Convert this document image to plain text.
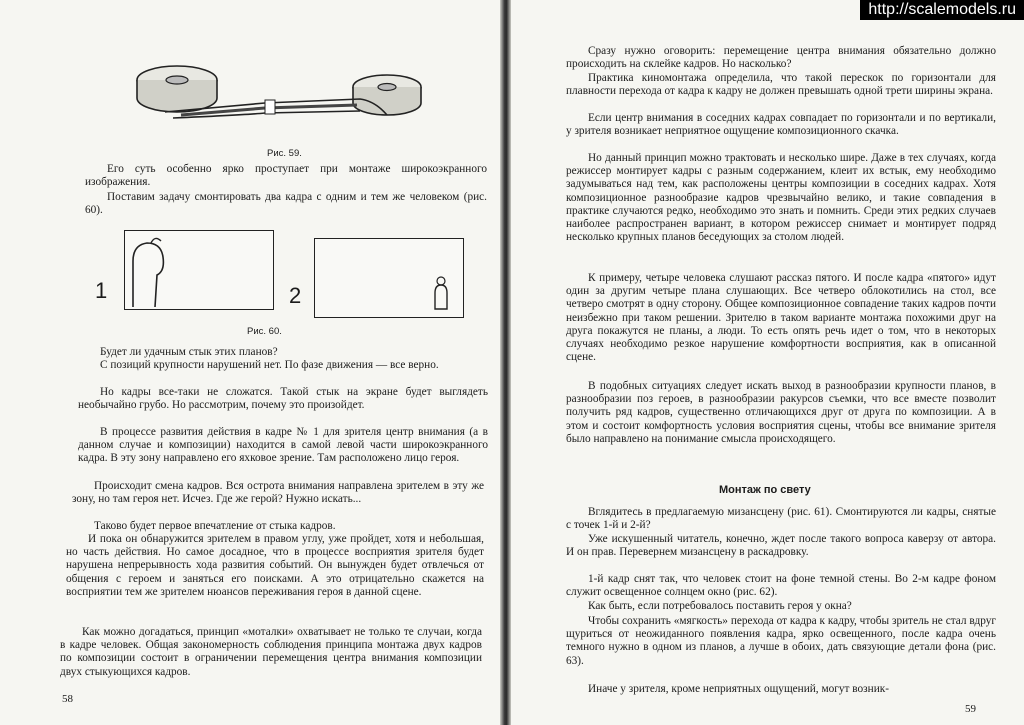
Рис. 59.

Его суть особенно ярко проступает при монтаже широкоэкранного изображения.

Поставим задачу смонтировать два кадра с одним и тем же человеком (рис. 60).

1	2
Рис. 60.

Будет ли удачным стык этих планов?

С позиций крупности нарушений нет. По фазе движения — все верно.

Но кадры все-таки не сложатся. Такой стык на экране будет выглядеть необычайно грубо. Но рассмотрим, почему это произойдет.

В процессе развития действия в кадре № 1 для зрителя центр внимания (а в данном случае и композиции) находится в самой левой части широкоэкранного кадра. В эту зону направлено его яхковое зрение. Там расположено лицо героя.

Происходит смена кадров. Вся острота внимания направлена зрителем в эту же зону, но там героя нет. Исчез. Где же герой? Нужно искать...

Таково будет первое впечатление от стыка кадров.

И пока он обнаружится зрителем в правом углу, уже пройдет, хотя и небольшая, но часть действия. Но самое досадное, что в процессе восприятия зрителя будет нарушена непрерывность хода развития событий. Он вынужден будет отвлечься от общения с героем и заняться его поисками. А это отрицательно скажется на восприятии тем же зрителем нюансов переживания героя в данной сцене.

Как можно догадаться, принцип «моталки» охватывает не только те случаи, когда в кадре человек. Общая закономерность соблюдения принципа монтажа двух кадров по композиции состоит в ограничении перемещения центра внимания композиции двух стыкующихся кадров.

58

Сразу нужно оговорить: перемещение центра внимания обязательно должно происходить на склейке кадров. Но насколько?

Практика киномонтажа определила, что такой перескок по горизонтали для плавности перехода от кадра к кадру не должен превышать одной трети ширины экрана.

Если центр внимания в соседних кадрах совпадает по горизонтали и по вертикали, у зрителя возникает неприятное ощущение композиционного скачка.

Но данный принцип можно трактовать и несколько шире. Даже в тех случаях, когда режиссер монтирует кадры с разным содержанием, клеит их встык, ему необходимо задумываться над тем, как расположены центры композиции в соседних кадрах. Хотя композиционное разнообразие кадров чрезвычайно велико, и такие совпадения в практике случаются редко, необходимо это знать и помнить. Среди этих редких случаев наиболее распространен вариант, в котором режиссер снимает и монтирует подряд несколько крупных планов беседующих за столом людей.

К примеру, четыре человека слушают рассказ пятого. И после кадра «пятого» идут один за другим четыре плана слушающих. Все четверо облокотились на стол, все четверо смотрят в одну сторону. Общее композиционное совпадение таких кадров почти неизбежно при таком решении. Зрителю в таком варианте монтажа похожими друг на друга покажутся не планы, а люди. То есть опять речь идет о том, что в некоторых случаях необходимо резкое нарушение комфортности восприятия, как в описанной сцене.

В подобных ситуациях следует искать выход в разнообразии крупности планов, в разнообразии поз героев, в разнообразии ракурсов съемки, что все вместе позволит получить ряд кадров, существенно отличающихся друг от друга по композиции. А в этом и состоит комфортность условия восприятия сцены, чтобы все внимание зрителя было направлено на понимание смысла происходящего.

Монтаж по свету

Вглядитесь в предлагаемую мизансцену (рис. 61). Смонтируются ли кадры, снятые с точек 1-й и 2-й?

Уже искушенный читатель, конечно, ждет после такого вопроса каверзу от автора. И он прав. Перевернем мизансцену в раскадровку.

1-й кадр снят так, что человек стоит на фоне темной стены. Во 2-м кадре фоном служит освещенное солнцем окно (рис. 62).

Как быть, если потребовалось поставить героя у окна?

Чтобы сохранить «мягкость» перехода от кадра к кадру, чтобы зритель не стал вдруг щуриться от неожиданного появления кадра, ярко освещенного, после кадра очень темного нужно в одном из планов, а лучше в обоих, дать связующие детали фона (рис. 63).

Иначе у зрителя, кроме неприятных ощущений, могут возник-

59
http://scalemodels.ru
